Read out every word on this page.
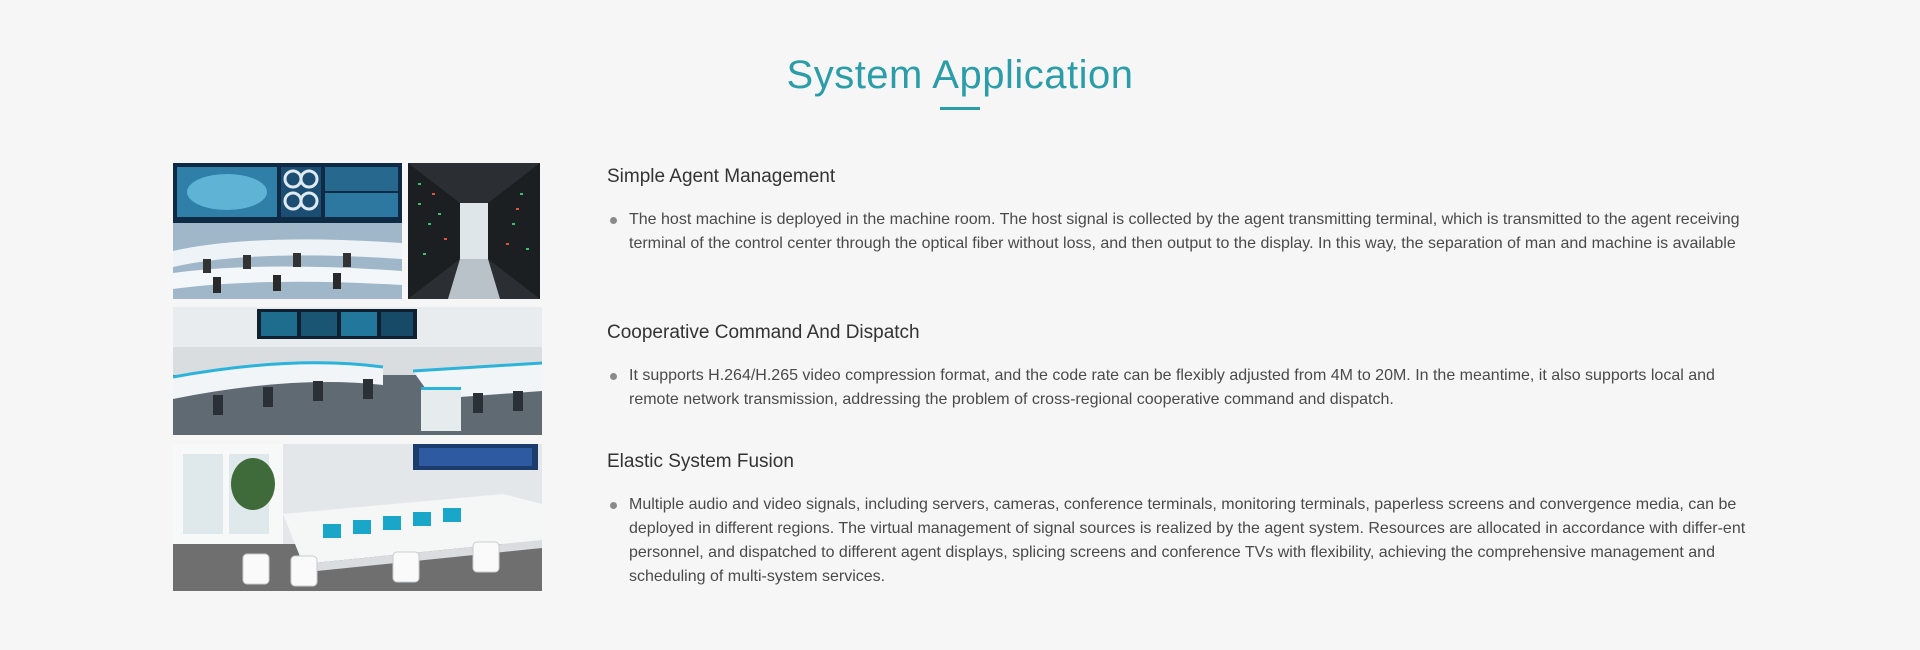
System Application
Simple Agent Management
The host machine is deployed in the machine room. The host signal is collected by the agent transmitting terminal, which is transmitted to the agent receiving terminal of the control center through the optical fiber without loss, and then output to the display. In this way, the separation of man and machine is available
Cooperative Command And Dispatch
It supports H.264/H.265 video compression format, and the code rate can be flexibly adjusted from 4M to 20M. In the meantime, it also supports local and remote network transmission, addressing the problem of cross-regional cooperative command and dispatch.
Elastic System Fusion
Multiple audio and video signals, including servers, cameras, conference terminals, monitoring terminals, paperless screens and convergence media, can be deployed in different regions. The virtual management of signal sources is realized by the agent system. Resources are allocated in accordance with differ-ent personnel, and dispatched to different agent displays, splicing screens and conference TVs with flexibility, achieving the comprehensive management and scheduling of multi-system services.
